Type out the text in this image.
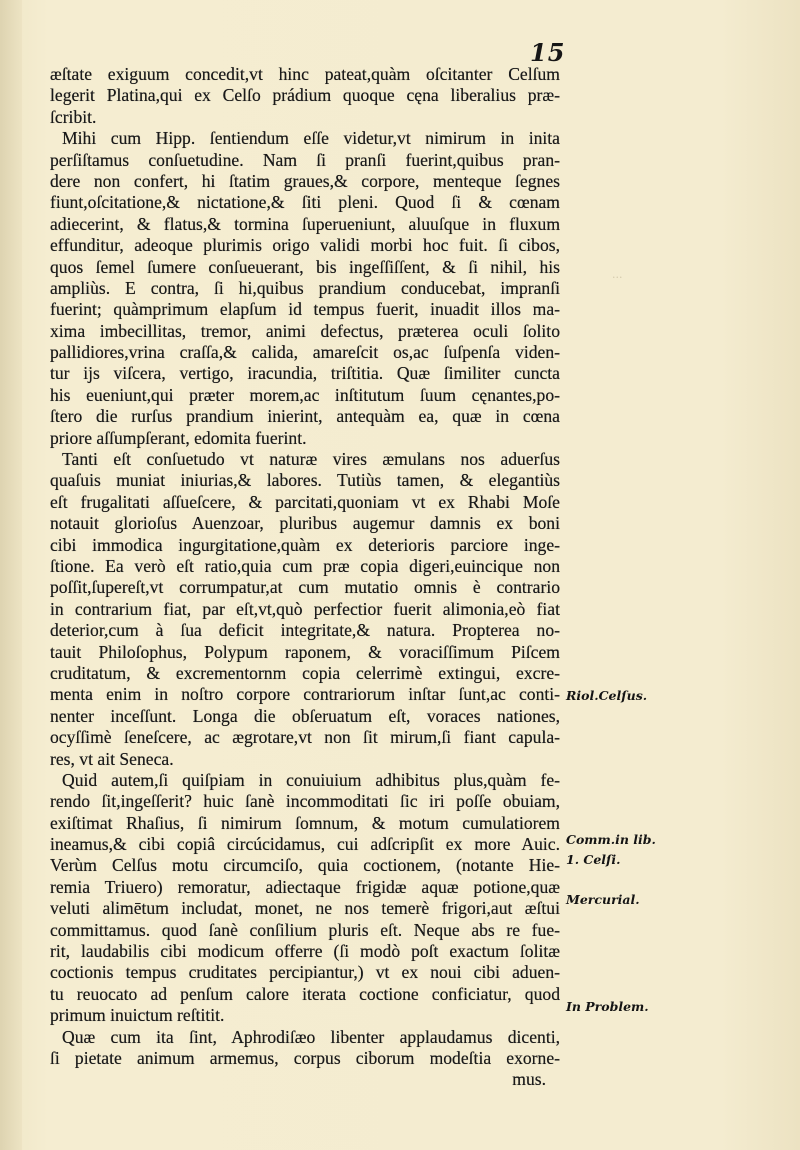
15
æſtate exiguum concedit,vt hinc pateat,quàm oſcitanter Celſum
legerit Platina,qui ex Celſo prádium quoque cęna liberalius præ-
ſcribit.
Mihi cum Hipp. ſentiendum eſſe videtur,vt nimirum in inita
perſiſtamus conſuetudine. Nam ſi pranſi fuerint,quibus pran-
dere non confert, hi ſtatim graues,& corpore, menteque ſegnes
fiunt,oſcitatione,& nictatione,& ſiti pleni. Quod ſi & cœnam
adiecerint, & flatus,& tormina ſuperueniunt, aluuſque in fluxum
effunditur, adeoque plurimis origo validi morbi hoc fuit. ſi cibos,
quos ſemel ſumere conſueuerant, bis ingeſſiſſent, & ſi nihil, his
ampliùs. E contra, ſi hi,quibus prandium conducebat, impranſi
fuerint; quàmprimum elapſum id tempus fuerit, inuadit illos ma-
xima imbecillitas, tremor, animi defectus, præterea oculi ſolito
pallidiores,vrina craſſa,& calida, amareſcit os,ac ſuſpenſa viden-
tur ijs viſcera, vertigo, iracundia, triſtitia. Quæ ſimiliter cuncta
his eueniunt,qui præter morem,ac inſtitutum ſuum cęnantes,po-
ſtero die rurſus prandium inierint, antequàm ea, quæ in cœna
priore aſſumpſerant, edomita fuerint.
Tanti eſt conſuetudo vt naturæ vires æmulans nos aduerſus
quaſuis muniat iniurias,& labores. Tutiùs tamen, & elegantiùs
eſt frugalitati aſſueſcere, & parcitati,quoniam vt ex Rhabi Moſe
notauit glorioſus Auenzoar, pluribus augemur damnis ex boni
cibi immodica ingurgitatione,quàm ex deterioris parciore inge-
ſtione. Ea verò eſt ratio,quia cum præ copia digeri,euincique non
poſſit,ſupereſt,vt corrumpatur,at cum mutatio omnis è contrario
in contrarium fiat, par eſt,vt,quò perfectior fuerit alimonia,eò fiat
deterior,cum à ſua deficit integritate,& natura. Propterea no-
tauit Philoſophus, Polypum raponem, & voraciſſimum Piſcem
cruditatum, & excrementornm copia celerrimè extingui, excre-
menta enim in noſtro corpore contrariorum inſtar ſunt,ac conti-
nenter inceſſunt. Longa die obſeruatum eſt, voraces nationes,
ocyſſimè ſeneſcere, ac ægrotare,vt non ſit mirum,ſi fiant capula-
res, vt ait Seneca.
Quid autem,ſi quiſpiam in conuiuium adhibitus plus,quàm fe-
rendo ſit,ingeſſerit? huic ſanè incommoditati ſic iri poſſe obuiam,
exiſtimat Rhaſius, ſi nimirum ſomnum, & motum cumulatiorem
ineamus,& cibi copiâ circúcidamus, cui adſcripſit ex more Auic.
Verùm Celſus motu circumciſo, quia coctionem, (notante Hie-
remia Triuero) remoratur, adiectaque frigidæ aquæ potione,quæ
veluti alimētum includat, monet, ne nos temerè frigori,aut æſtui
committamus. quod ſanè conſilium pluris eſt. Neque abs re fue-
rit, laudabilis cibi modicum offerre (ſi modò poſt exactum ſolitæ
coctionis tempus cruditates percipiantur,) vt ex noui cibi aduen-
tu reuocato ad penſum calore iterata coctione conficiatur, quod
primum inuictum reſtitit.
Quæ cum ita ſint, Aphrodiſæo libenter applaudamus dicenti,
ſi pietate animum armemus, corpus ciborum modeſtia exorne-
mus.
Riol.Celſus.
Comm.in lib.
1. Celſi.
Mercurial.
In Problem.
...
